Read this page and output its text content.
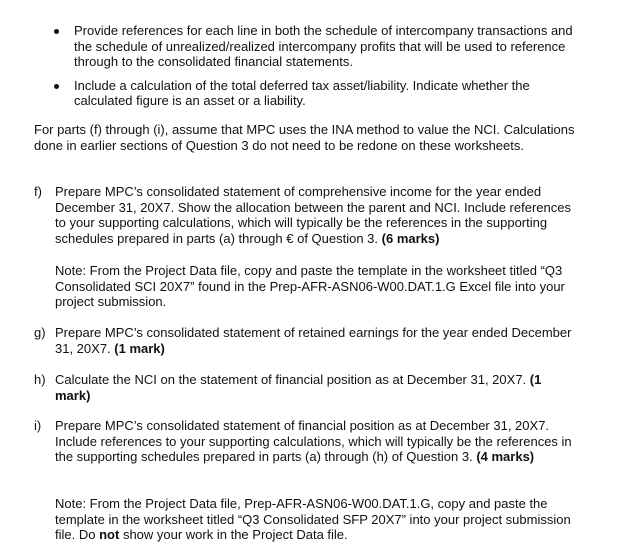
Provide references for each line in both the schedule of intercompany transactions and the schedule of unrealized/realized intercompany profits that will be used to reference through to the consolidated financial statements.
Include a calculation of the total deferred tax asset/liability. Indicate whether the calculated figure is an asset or a liability.

For parts (f) through (i), assume that MPC uses the INA method to value the NCI. Calculations done in earlier sections of Question 3 do not need to be redone on these worksheets.

f)	Prepare MPC’s consolidated statement of comprehensive income for the year ended December 31, 20X7. Show the allocation between the parent and NCI. Include references to your supporting calculations, which will typically be the references in the supporting schedules prepared in parts (a) through € of Question 3. (6 marks)

Note: From the Project Data file, copy and paste the template in the worksheet titled “Q3 Consolidated SCI 20X7” found in the Prep-AFR-ASN06-W00.DAT.1.G Excel file into your project submission.

g) Prepare MPC’s consolidated statement of retained earnings for the year ended December 31, 20X7. (1 mark)
h) Calculate the NCI on the statement of financial position as at December 31, 20X7. (1 mark)
i)	Prepare MPC’s consolidated statement of financial position as at December 31, 20X7. Include references to your supporting calculations, which will typically be the references in the supporting schedules prepared in parts (a) through (h) of Question 3. (4 marks)

Note: From the Project Data file, Prep-AFR-ASN06-W00.DAT.1.G, copy and paste the template in the worksheet titled “Q3 Consolidated SFP 20X7” into your project submission file. Do not show your work in the Project Data file.
